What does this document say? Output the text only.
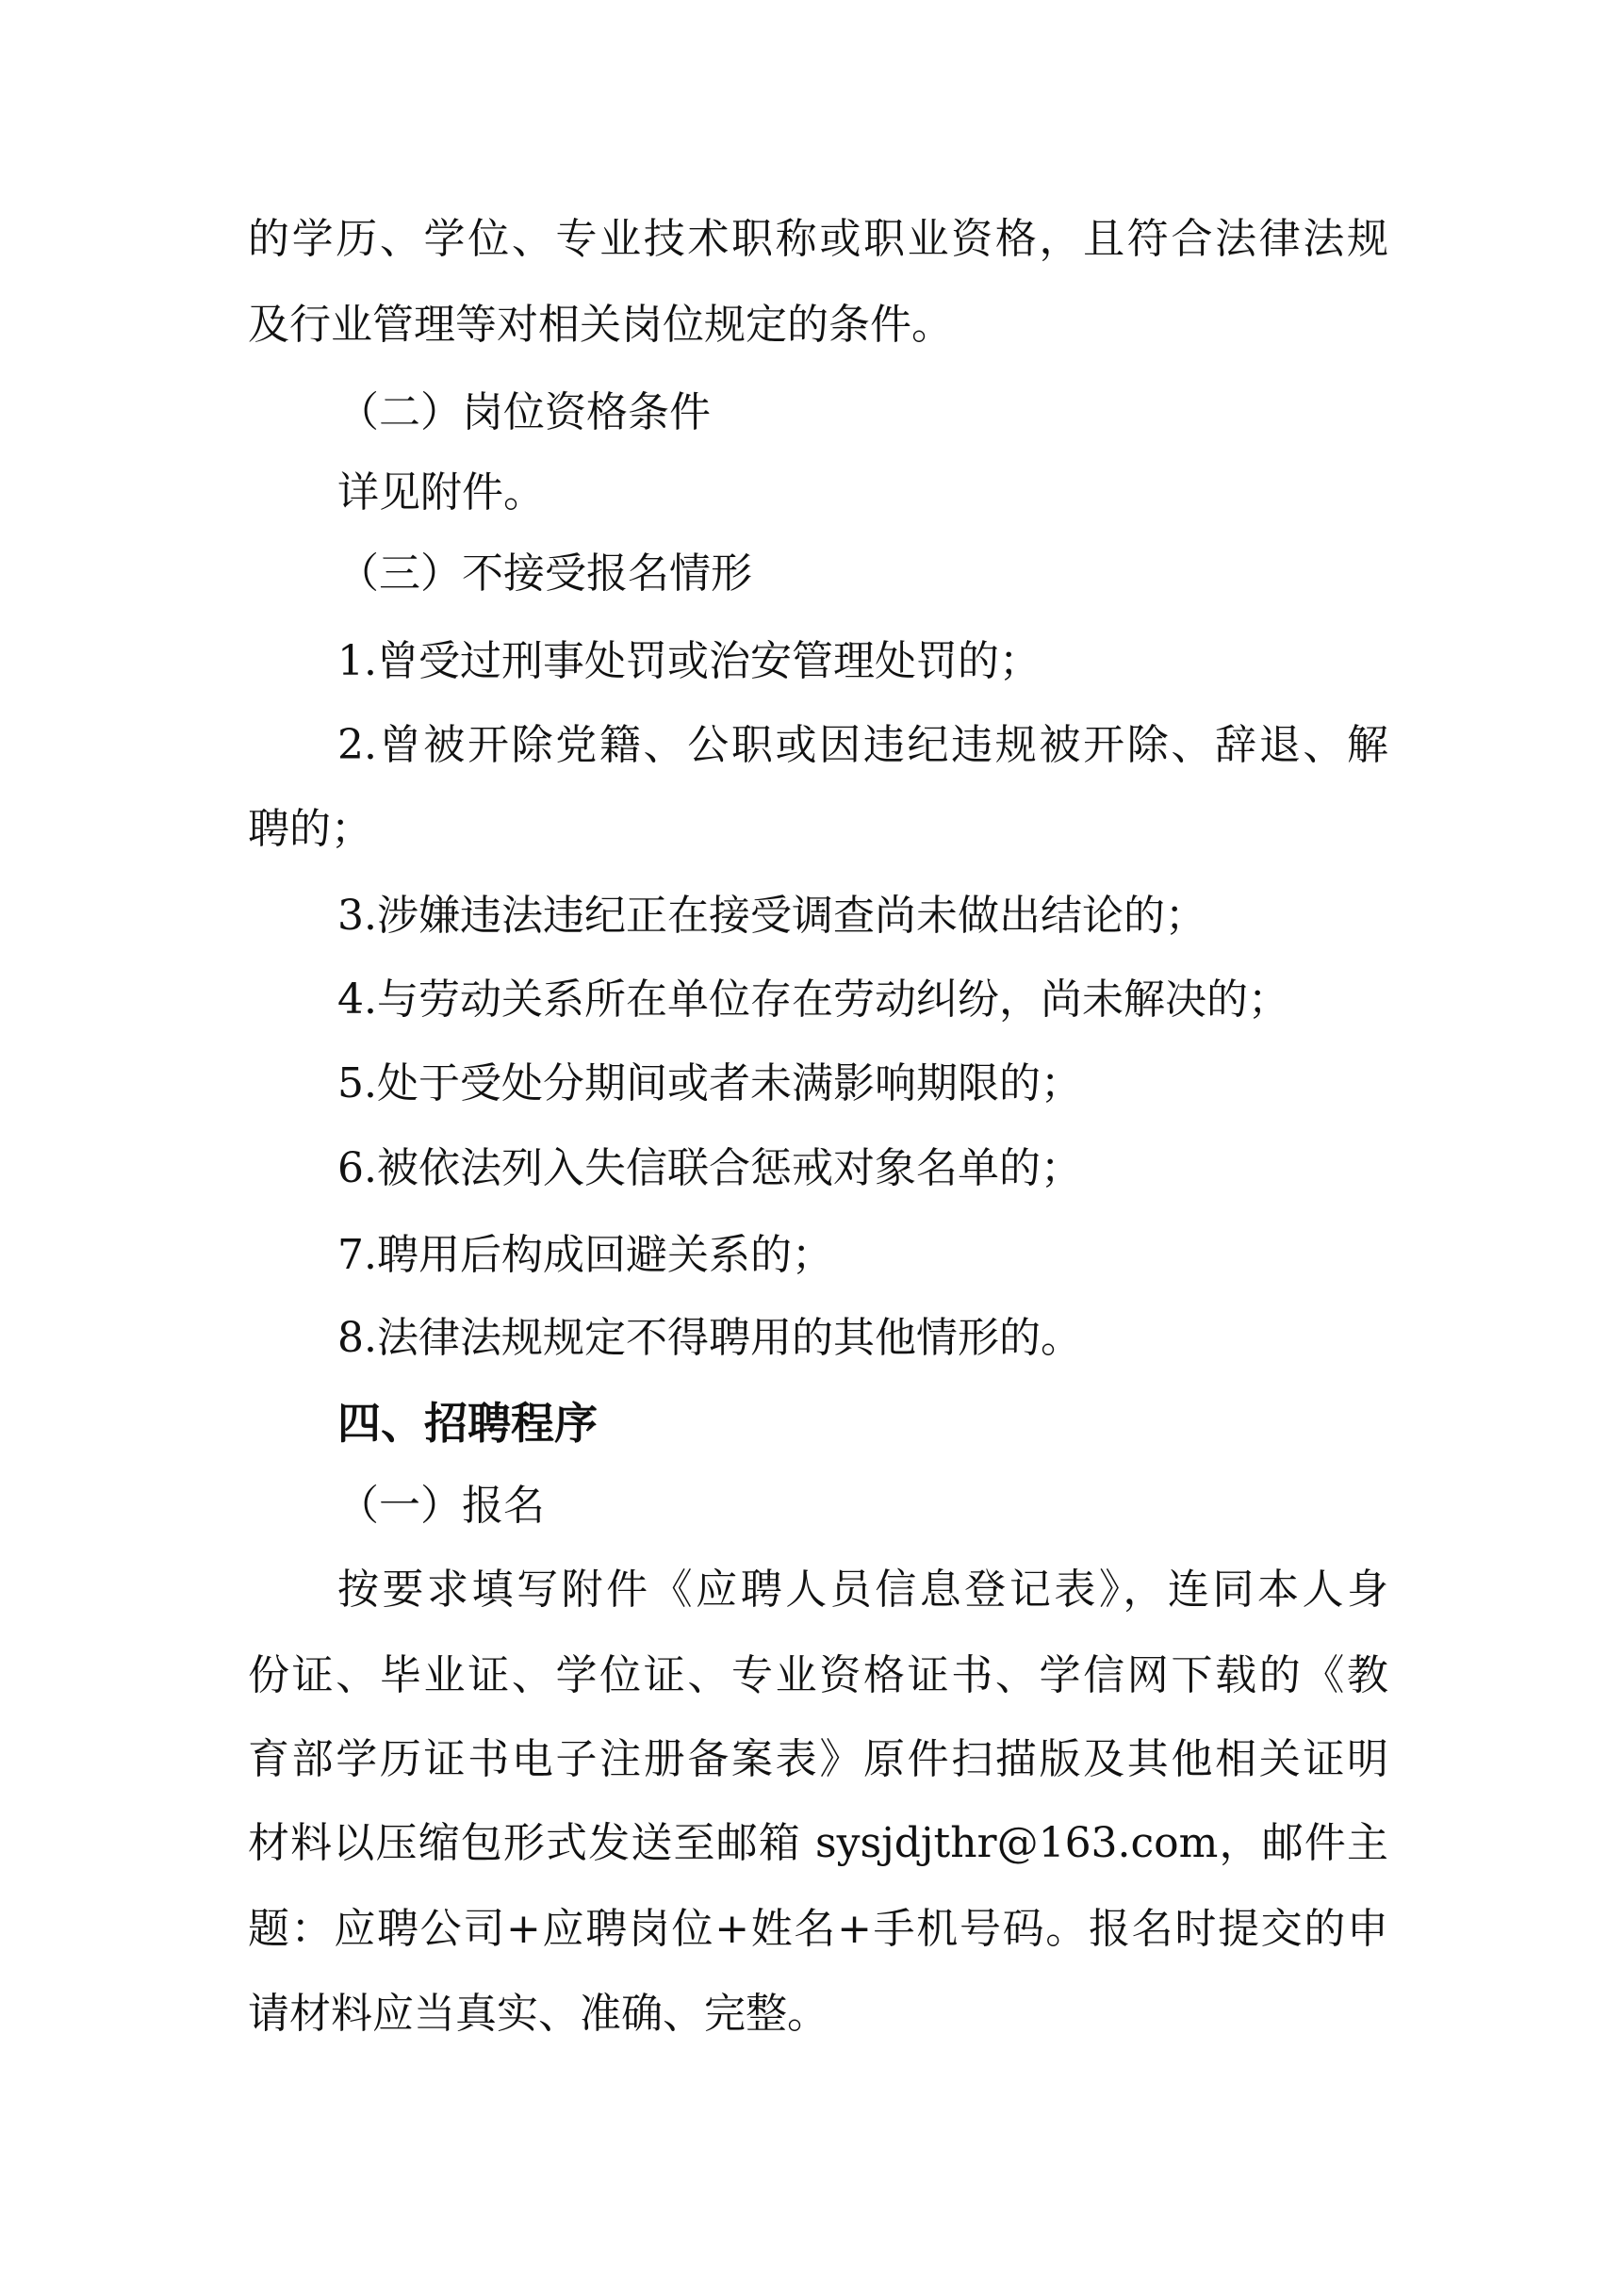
的学历、学位、专业技术职称或职业资格，且符合法律法规
及行业管理等对相关岗位规定的条件。
（二）岗位资格条件
详见附件。
（三）不接受报名情形
1.曾受过刑事处罚或治安管理处罚的；
2.曾被开除党籍、公职或因违纪违规被开除、辞退、解
聘的；
3.涉嫌违法违纪正在接受调查尚未做出结论的；
4.与劳动关系所在单位存在劳动纠纷，尚未解决的；
5.处于受处分期间或者未满影响期限的；
6.被依法列入失信联合惩戒对象名单的；
7.聘用后构成回避关系的；
8.法律法规规定不得聘用的其他情形的。
四、招聘程序
（一）报名
按要求填写附件《应聘人员信息登记表》，连同本人身
份证、毕业证、学位证、专业资格证书、学信网下载的《教
育部学历证书电子注册备案表》原件扫描版及其他相关证明
材料以压缩包形式发送至邮箱 sysjdjthr@163.com，邮件主
题：应聘公司+应聘岗位+姓名+手机号码。报名时提交的申
请材料应当真实、准确、完整。
